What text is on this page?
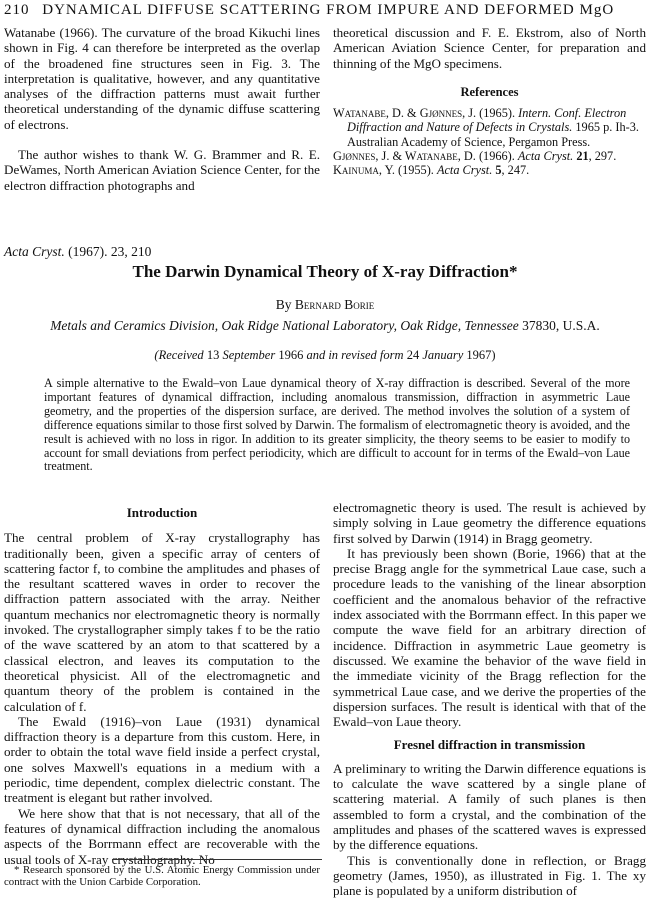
210 DYNAMICAL DIFFUSE SCATTERING FROM IMPURE AND DEFORMED MgO

Watanabe (1966). The curvature of the broad Kikuchi lines shown in Fig. 4 can therefore be interpreted as the overlap of the broadened fine structures seen in Fig. 3. The interpretation is qualitative, however, and any quantitative analyses of the diffraction patterns must await further theoretical understanding of the dynamic diffuse scattering of electrons.

The author wishes to thank W. G. Brammer and R. E. DeWames, North American Aviation Science Center, for the electron diffraction photographs and

theoretical discussion and F. E. Ekstrom, also of North American Aviation Science Center, for preparation and thinning of the MgO specimens.

References

Watanabe, D. & Gjønnes, J. (1965). Intern. Conf. Electron Diffraction and Nature of Defects in Crystals. 1965 p. Ih-3. Australian Academy of Science, Pergamon Press.

Gjønnes, J. & Watanabe, D. (1966). Acta Cryst. 21, 297.

Kainuma, Y. (1955). Acta Cryst. 5, 247.

Acta Cryst. (1967). 23, 210
The Darwin Dynamical Theory of X-ray Diffraction*
By Bernard Borie
Metals and Ceramics Division, Oak Ridge National Laboratory, Oak Ridge, Tennessee 37830, U.S.A.
(Received 13 September 1966 and in revised form 24 January 1967)
A simple alternative to the Ewald–von Laue dynamical theory of X-ray diffraction is described. Several of the more important features of dynamical diffraction, including anomalous transmission, diffraction in asymmetric Laue geometry, and the properties of the dispersion surface, are derived. The method involves the solution of a system of difference equations similar to those first solved by Darwin. The formalism of electromagnetic theory is avoided, and the result is achieved with no loss in rigor. In addition to its greater simplicity, the theory seems to be easier to modify to account for small deviations from perfect periodicity, which are difficult to account for in terms of the Ewald–von Laue treatment.
Introduction

The central problem of X-ray crystallography has traditionally been, given a specific array of centers of scattering factor f, to combine the amplitudes and phases of the resultant scattered waves in order to recover the diffraction pattern associated with the array. Neither quantum mechanics nor electromagnetic theory is normally invoked. The crystallographer simply takes f to be the ratio of the wave scattered by an atom to that scattered by a classical electron, and leaves its computation to the theoretical physicist. All of the electromagnetic and quantum theory of the problem is contained in the calculation of f.

The Ewald (1916)–von Laue (1931) dynamical diffraction theory is a departure from this custom. Here, in order to obtain the total wave field inside a perfect crystal, one solves Maxwell's equations in a medium with a periodic, time dependent, complex dielectric constant. The treatment is elegant but rather involved.

We here show that that is not necessary, that all of the features of dynamical diffraction including the anomalous aspects of the Borrmann effect are recoverable with the usual tools of X-ray crystallography. No

electromagnetic theory is used. The result is achieved by simply solving in Laue geometry the difference equations first solved by Darwin (1914) in Bragg geometry.

It has previously been shown (Borie, 1966) that at the precise Bragg angle for the symmetrical Laue case, such a procedure leads to the vanishing of the linear absorption coefficient and the anomalous behavior of the refractive index associated with the Borrmann effect. In this paper we compute the wave field for an arbitrary direction of incidence. Diffraction in asymmetric Laue geometry is discussed. We examine the behavior of the wave field in the immediate vicinity of the Bragg reflection for the symmetrical Laue case, and we derive the properties of the dispersion surfaces. The result is identical with that of the Ewald–von Laue theory.

Fresnel diffraction in transmission

A preliminary to writing the Darwin difference equations is to calculate the wave scattered by a single plane of scattering material. A family of such planes is then assembled to form a crystal, and the combination of the amplitudes and phases of the scattered waves is expressed by the difference equations.

This is conventionally done in reflection, or Bragg geometry (James, 1950), as illustrated in Fig. 1. The xy plane is populated by a uniform distribution of

* Research sponsored by the U.S. Atomic Energy Commission under contract with the Union Carbide Corporation.
